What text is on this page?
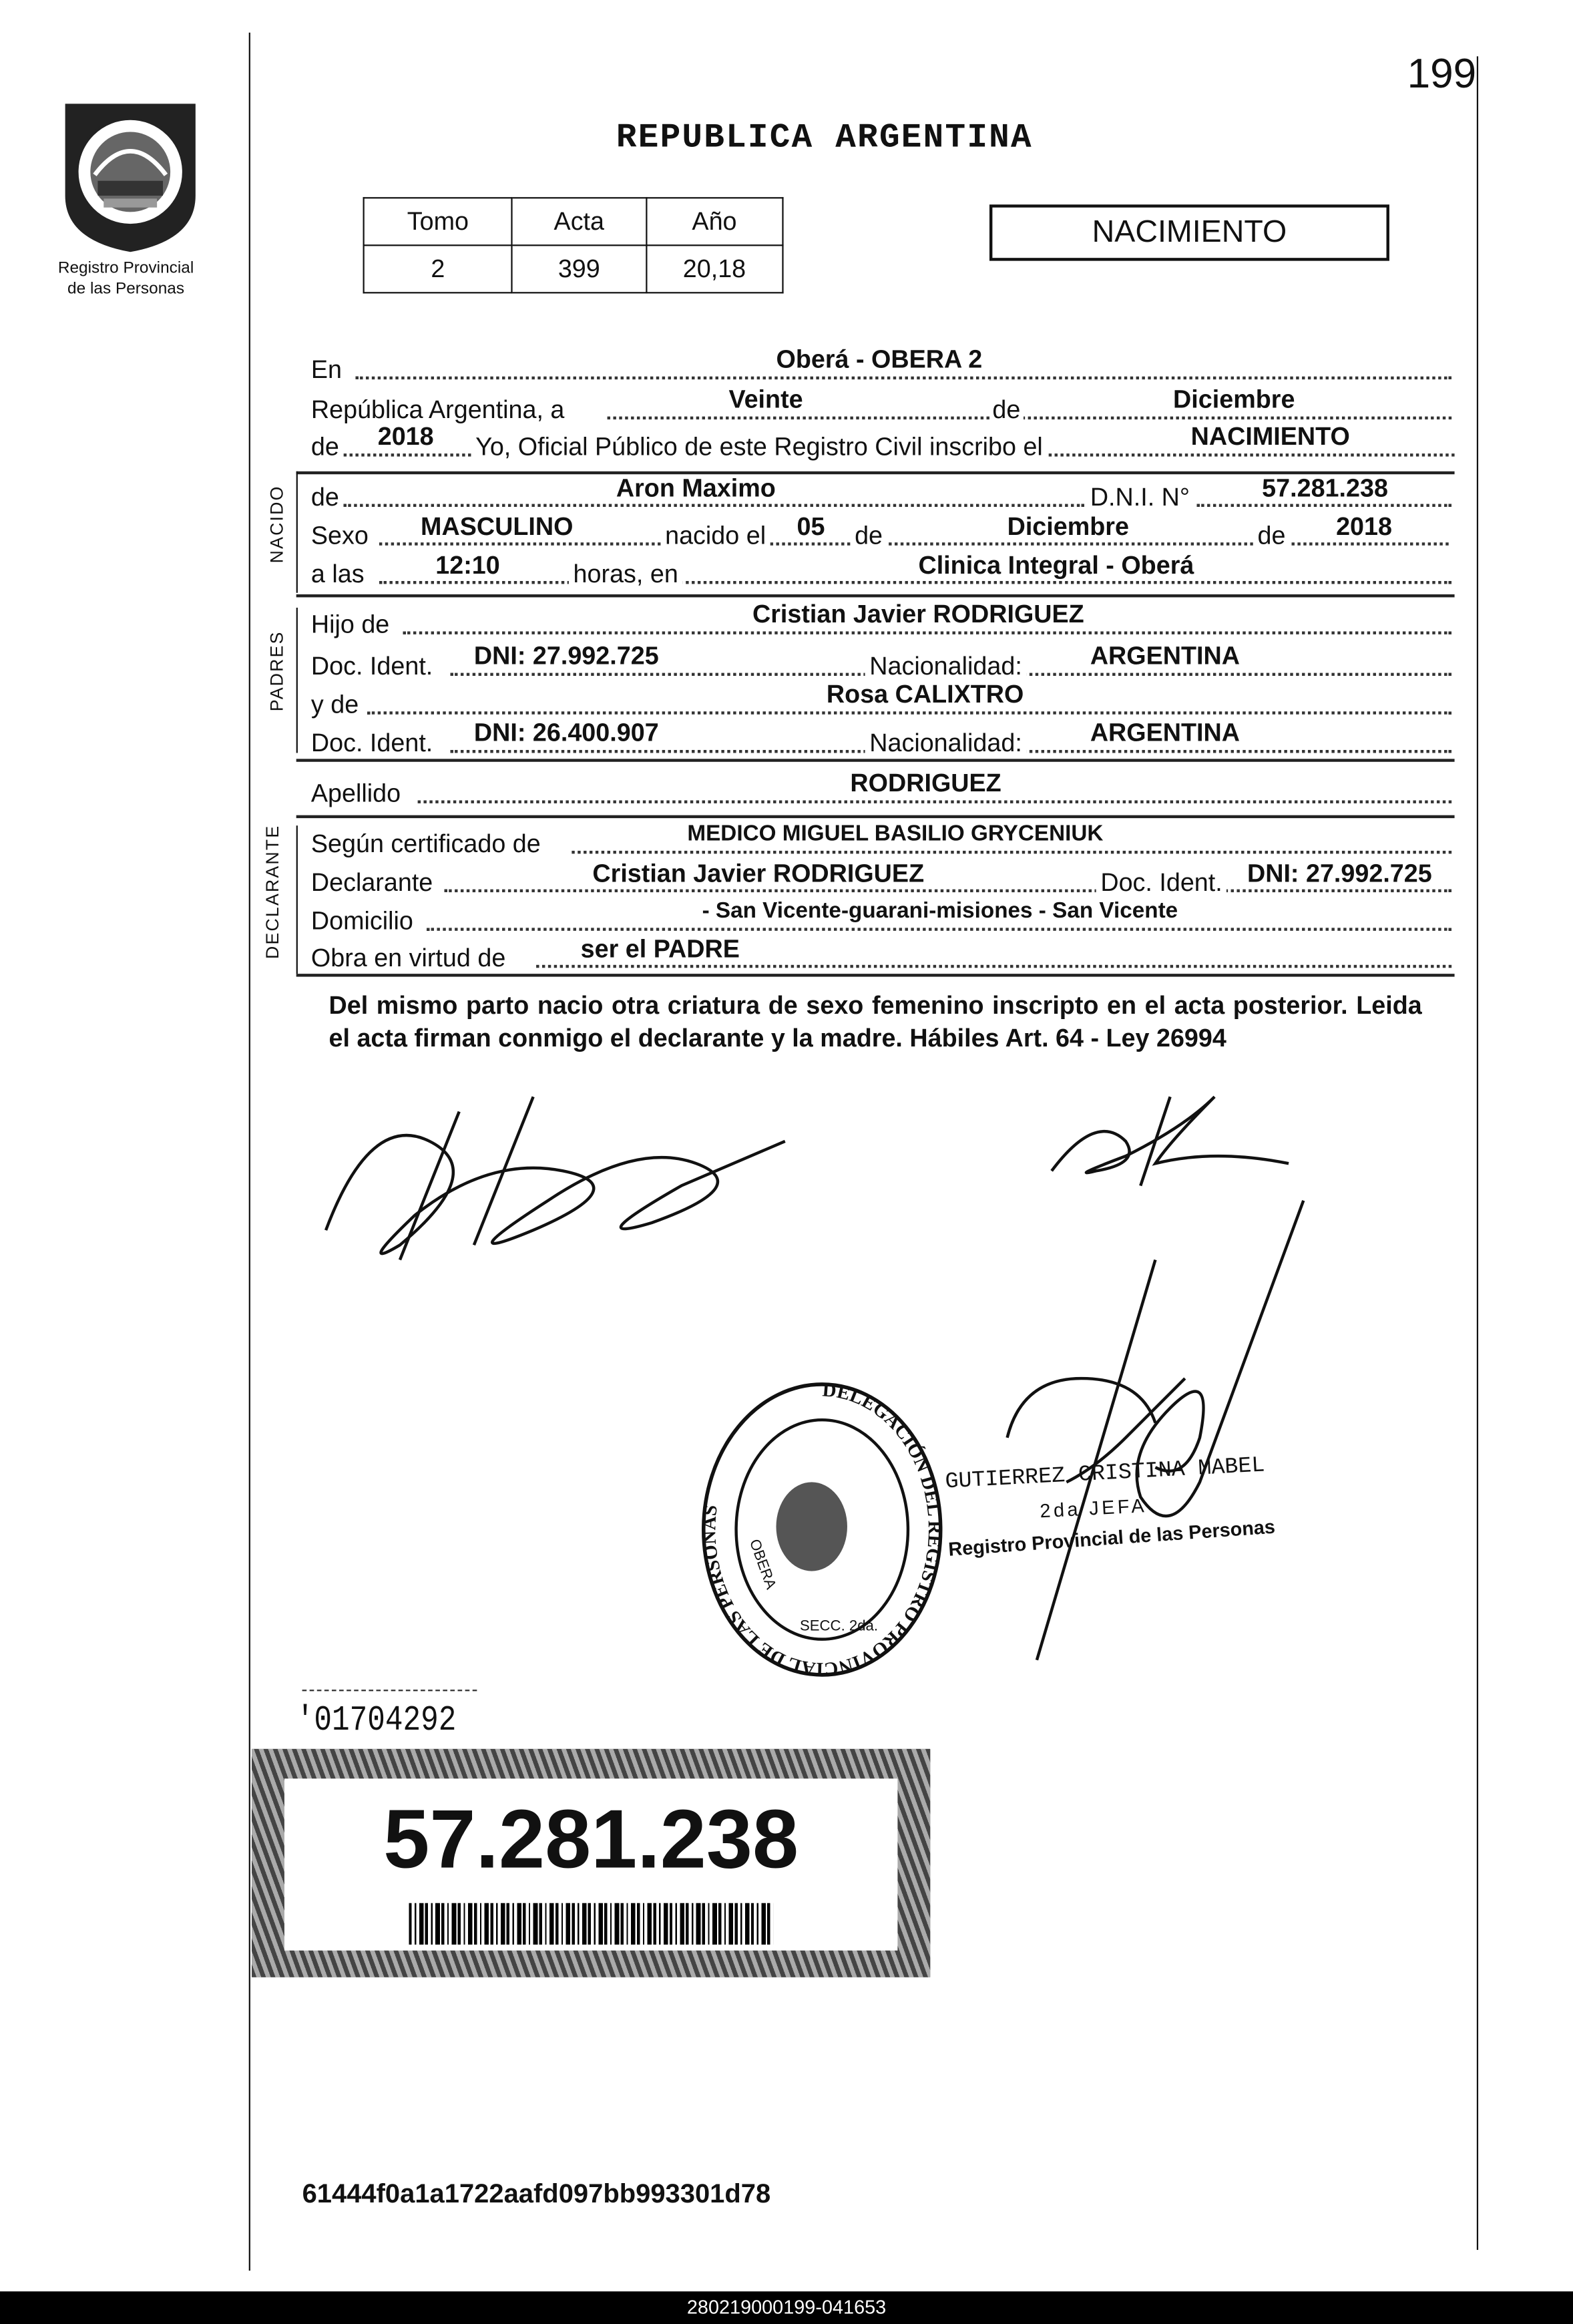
199
Registro Provincial
de las Personas
REPUBLICA ARGENTINA
Tomo	Acta	Año
2	399	20,18
NACIMIENTO
En	Oberá - OBERA 2
República Argentina, a	Veinte	de	Diciembre
de	2018	Yo, Oficial Público de este Registro Civil inscribo el	NACIMIENTO
NACIDO de	Aron Maximo	D.N.I. N°	57.281.238
Sexo	MASCULINO	nacido el	05	de	Diciembre	de	2018
a las	12:10	horas, en	Clinica Integral - Oberá
PADRES
Hijo de	Cristian Javier RODRIGUEZ
Doc. Ident.	DNI: 27.992.725	Nacionalidad:	ARGENTINA
y de	Rosa CALIXTRO
Doc. Ident.	DNI: 26.400.907	Nacionalidad:	ARGENTINA
Apellido	RODRIGUEZ
DECLARANTE Según certificado de	MEDICO MIGUEL BASILIO GRYCENIUK
Declarante	Cristian Javier RODRIGUEZ	Doc. Ident.	DNI: 27.992.725
Domicilio	- San Vicente-guarani-misiones - San Vicente
Obra en virtud de	ser el PADRE
Del mismo parto nacio otra criatura de sexo femenino inscripto en el acta posterior. Leida el acta firman conmigo el declarante y la madre. Hábiles Art. 64 - Ley 26994
DELEGACIÓN DEL REGISTRO PROVINCIAL DE LAS PERSONAS
OBERA
SECC. 2da.
GUTIERREZ CRISTINA MABEL
2da JEFA
Registro Provincial de las Personas
'01704292
57.281.238
61444f0a1a1722aafd097bb993301d78
280219000199-041653
